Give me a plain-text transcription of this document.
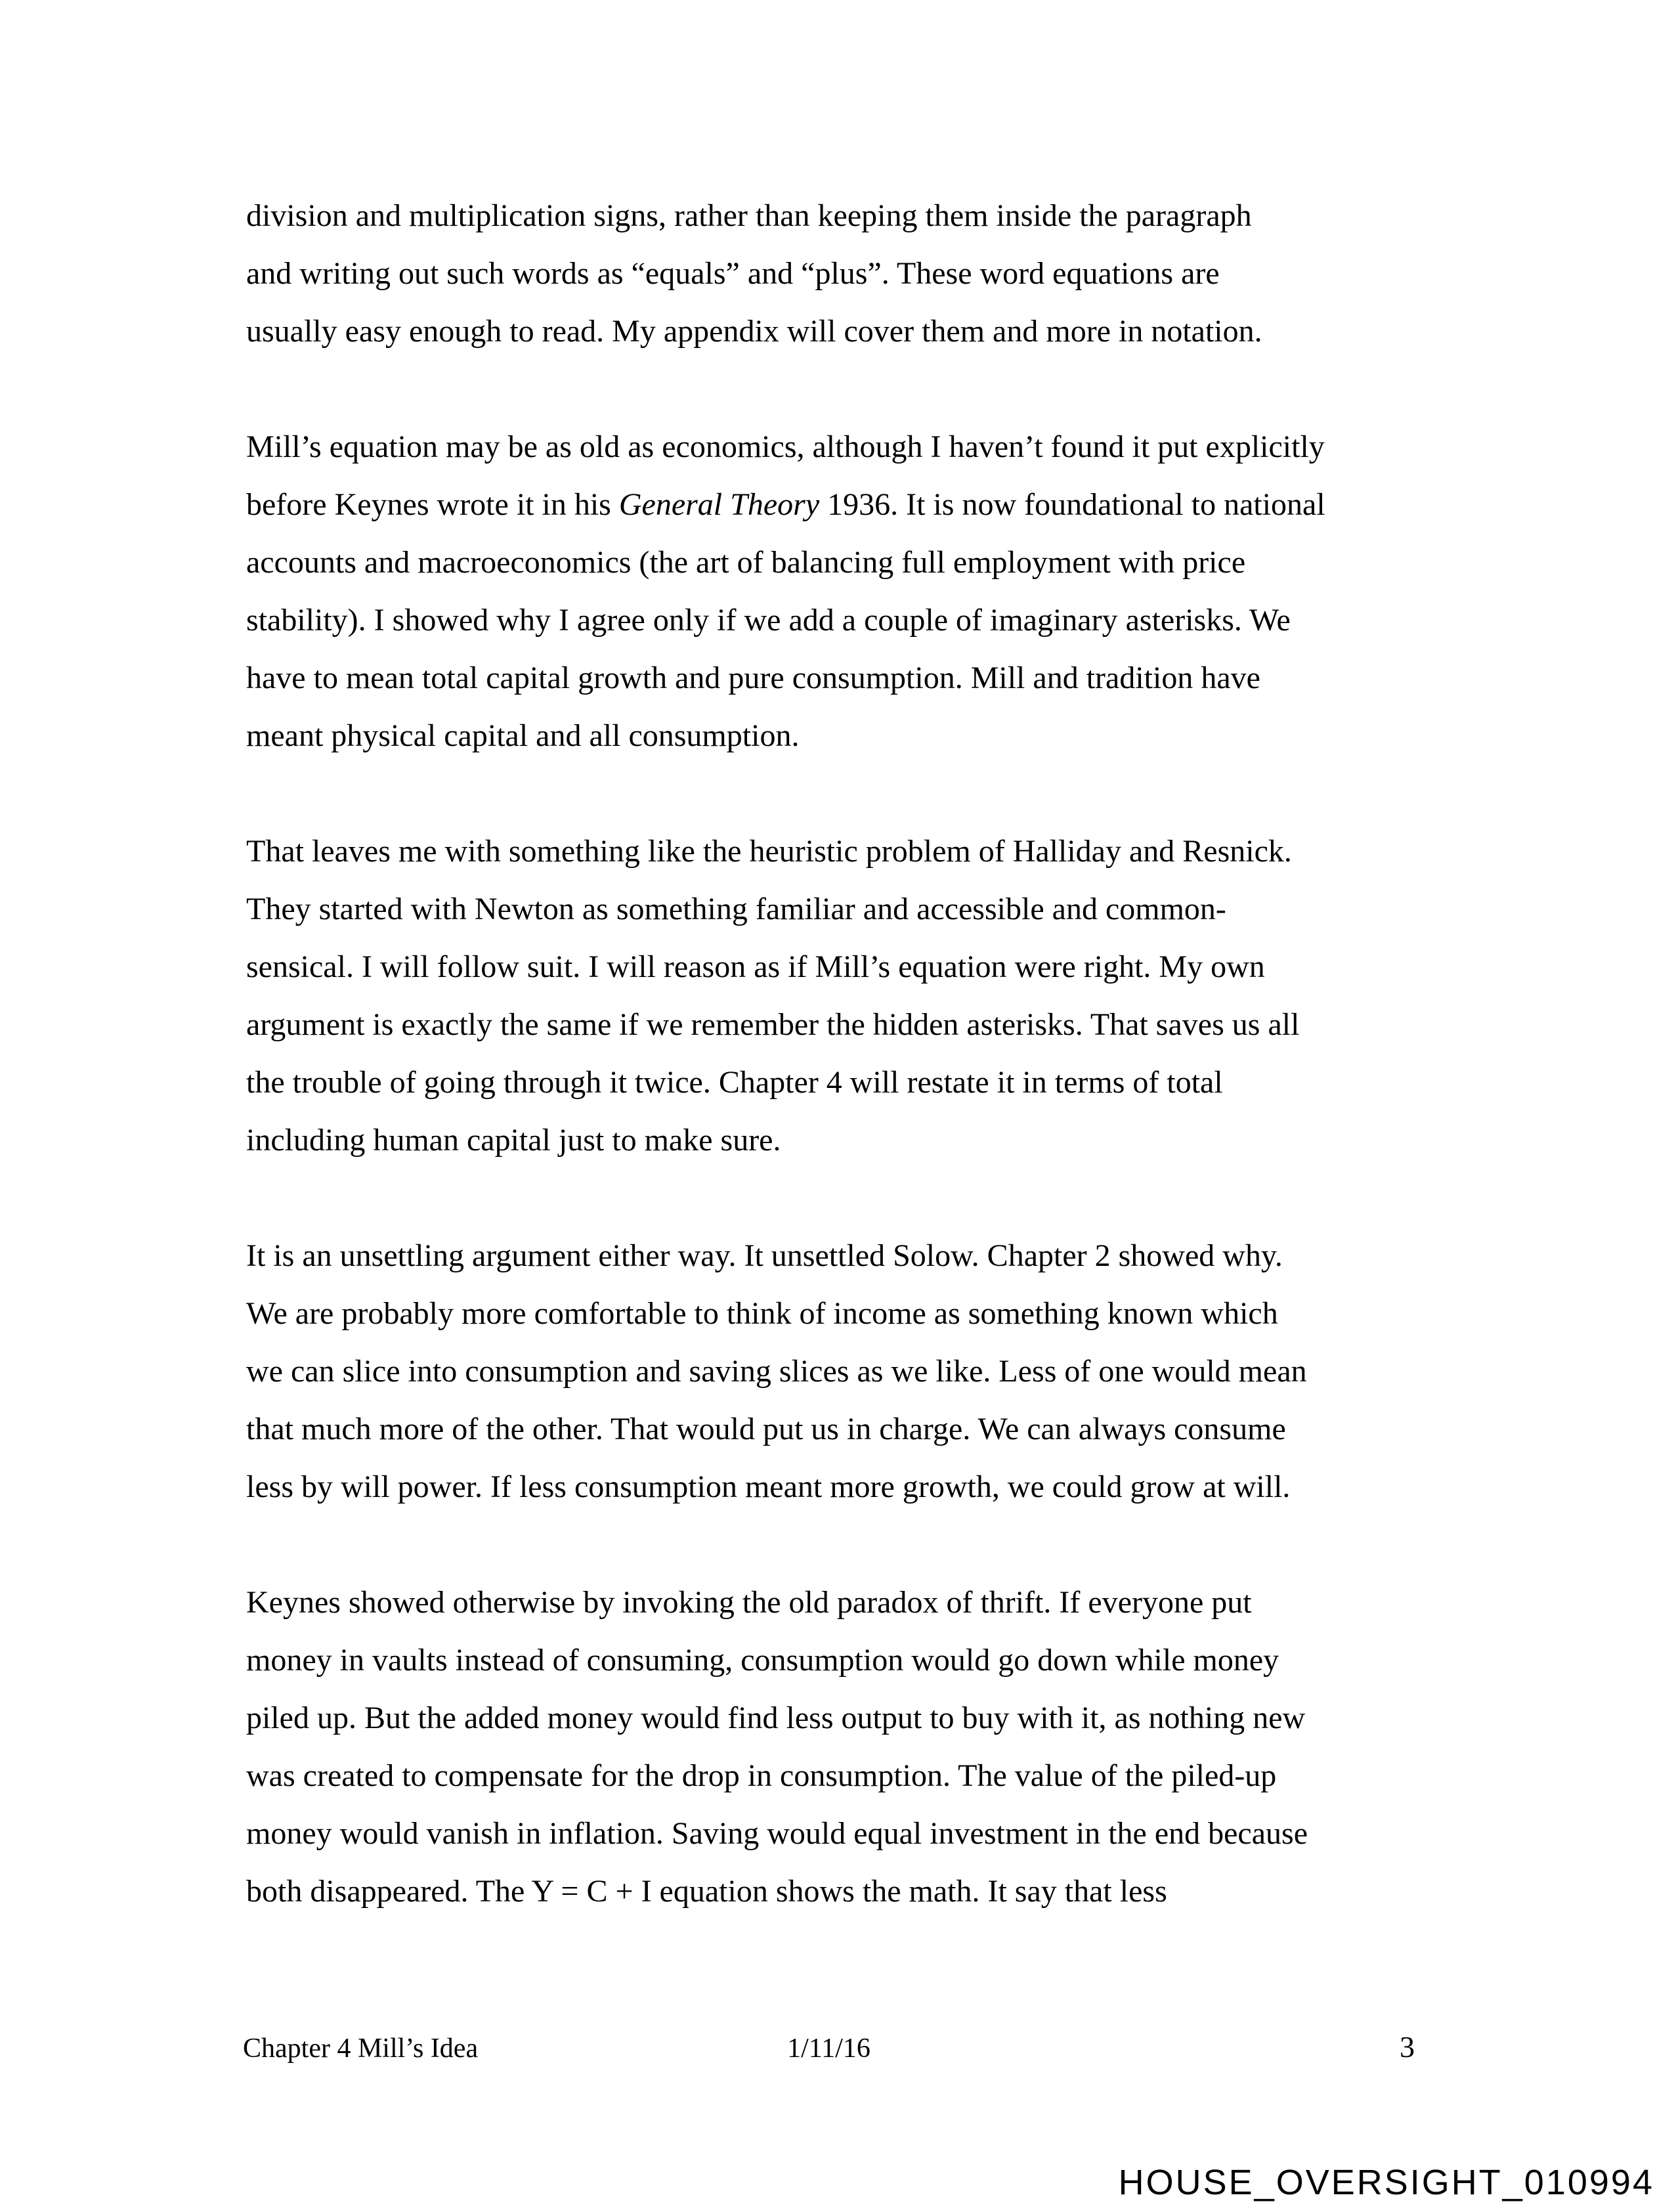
division and multiplication signs, rather than keeping them inside the paragraph
and writing out such words as “equals” and “plus”. These word equations are
usually easy enough to read. My appendix will cover them and more in notation.
Mill’s equation may be as old as economics, although I haven’t found it put explicitly
before Keynes wrote it in his General Theory 1936. It is now foundational to national
accounts and macroeconomics (the art of balancing full employment with price
stability). I showed why I agree only if we add a couple of imaginary asterisks. We
have to mean total capital growth and pure consumption. Mill and tradition have
meant physical capital and all consumption.
That leaves me with something like the heuristic problem of Halliday and Resnick.
They started with Newton as something familiar and accessible and common-
sensical. I will follow suit. I will reason as if Mill’s equation were right. My own
argument is exactly the same if we remember the hidden asterisks. That saves us all
the trouble of going through it twice. Chapter 4 will restate it in terms of total
including human capital just to make sure.
It is an unsettling argument either way. It unsettled Solow. Chapter 2 showed why.
We are probably more comfortable to think of income as something known which
we can slice into consumption and saving slices as we like. Less of one would mean
that much more of the other. That would put us in charge. We can always consume
less by will power. If less consumption meant more growth, we could grow at will.
Keynes showed otherwise by invoking the old paradox of thrift. If everyone put
money in vaults instead of consuming, consumption would go down while money
piled up. But the added money would find less output to buy with it, as nothing new
was created to compensate for the drop in consumption. The value of the piled-up
money would vanish in inflation. Saving would equal investment in the end because
both disappeared. The Y = C + I equation shows the math. It say that less
Chapter 4 Mill’s Idea	1/11/16	3
HOUSE_OVERSIGHT_010994
